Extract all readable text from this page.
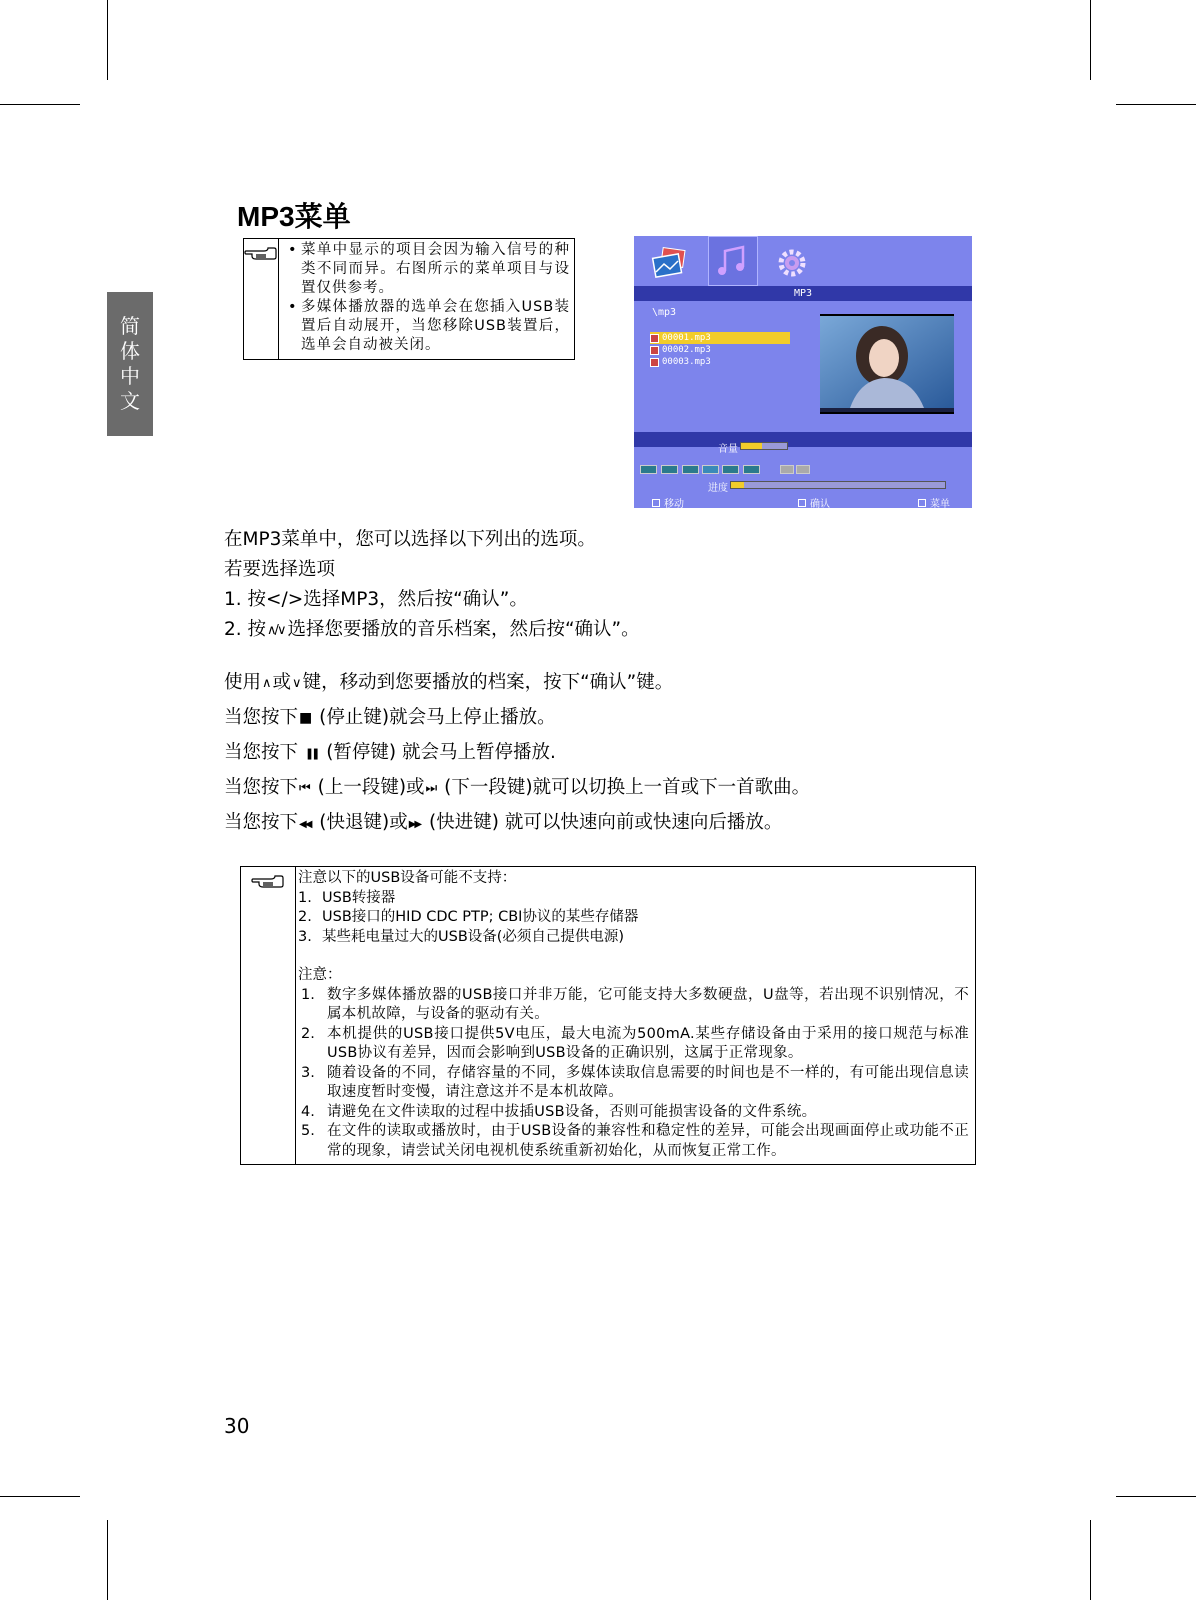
简
体
中
文
MP3菜单
• 菜单中显示的项目会因为输入信号的种类不同而异。右图所示的菜单项目与设置仅供参考。
• 多媒体播放器的选单会在您插入USB装置后自动展开，当您移除USB装置后，选单会自动被关闭。
MP3
\mp3
00001.mp3
00002.mp3
00003.mp3
音量
进度
移动	确认	菜单
在MP3菜单中，您可以选择以下列出的选项。
若要选择选项
1. 按</>选择MP3，然后按“确认”。
2. 按∧/∨ 选择您要播放的音乐档案，然后按“确认”。
使用∧ 或∨ 键，移动到您要播放的档案，按下“确认”键。
当您按下■ (停止键)就会马上停止播放。
当您按下 ❚❚ (暂停键) 就会马上暂停播放.
当您按下⏮ (上一段键)或⏭ (下一段键)就可以切换上一首或下一首歌曲。
当您按下◀◀ (快退键)或▶▶ (快进键) 就可以快速向前或快速向后播放。
注意以下的USB设备可能不支持：
1. USB转接器
2. USB接口的HID CDC PTP; CBI协议的某些存储器
3. 某些耗电量过大的USB设备(必须自己提供电源)
注意：
1. 数字多媒体播放器的USB接口并非万能，它可能支持大多数硬盘，U盘等，若出现不识别情况，不属本机故障，与设备的驱动有关。
2. 本机提供的USB接口提供5V电压，最大电流为500mA.某些存储设备由于采用的接口规范与标准USB协议有差异，因而会影响到USB设备的正确识别，这属于正常现象。
3. 随着设备的不同，存储容量的不同，多媒体读取信息需要的时间也是不一样的，有可能出现信息读取速度暂时变慢，请注意这并不是本机故障。
4. 请避免在文件读取的过程中拔插USB设备，否则可能损害设备的文件系统。
5. 在文件的读取或播放时，由于USB设备的兼容性和稳定性的差异，可能会出现画面停止或功能不正常的现象，请尝试关闭电视机使系统重新初始化，从而恢复正常工作。
30
